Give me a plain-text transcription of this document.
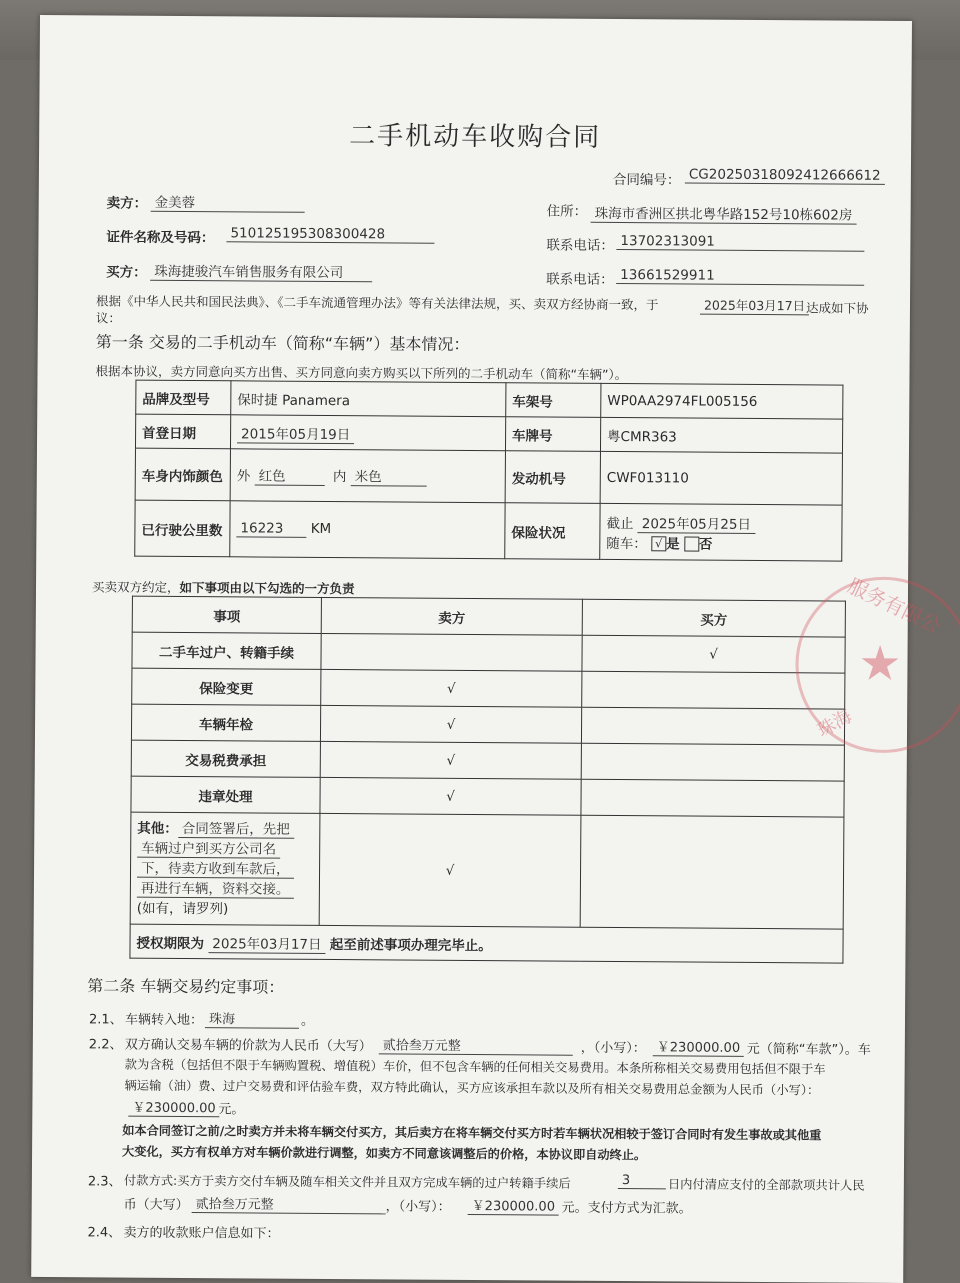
二手机动车收购合同
合同编号： CG20250318092412666612
卖方： 金美蓉
住所： 珠海市香洲区拱北粤华路152号10栋602房
证件名称及号码： 510125195308300428
联系电话： 13702313091
买方： 珠海捷骏汽车销售服务有限公司	联系电话： 13661529911
根据《中华人民共和国民法典》、《二手车流通管理办法》等有关法律法规，买、卖双方经协商一致，于	2025年03月17日 达成如下协
议：
第一条 交易的二手机动车（简称“车辆”）基本情况：
根据本协议，卖方同意向买方出售、买方同意向卖方购买以下所列的二手机动车（简称“车辆”）。
品牌及型号	保时捷 Panamera	车架号	WP0AA2974FL005156
首登日期	2015年05月19日	车牌号	粤CMR363
车身内饰颜色	外 红色 内 米色	发动机号	CWF013110
已行驶公里数	16223 KM	保险状况	截止 2025年05月25日
随车： √ 是 否
买卖双方约定，如下事项由以下勾选的一方负责
事项	卖方	买方
二手车过户、转籍手续		√
保险变更	√	
车辆年检	√	
交易税费承担	√	
违章处理	√	
其他： 合同签署后，先把
车辆过户到买方公司名
下，待卖方收到车款后，
再进行车辆，资料交接。
(如有，请罗列)	√	
授权期限为 2025年03月17日 起至前述事项办理完毕止。		
服务有限公
★
珠海
第二条 车辆交易约定事项：
2.1、 车辆转入地： 珠海	。
2.2、 双方确认交易车辆的价款为人民币（大写） 贰拾叁万元整	，（小写）： ￥230000.00 元（简称“车款”）。车
款为含税（包括但不限于车辆购置税、增值税）车价，但不包含车辆的任何相关交易费用。本条所称相关交易费用包括但不限于车
辆运输（油）费、过户交易费和评估验车费，双方特此确认，买方应该承担车款以及所有相关交易费用总金额为人民币（小写）：
￥230000.00 元。
如本合同签订之前/之时卖方并未将车辆交付买方，其后卖方在将车辆交付买方时若车辆状况相较于签订合同时有发生事故或其他重
大变化，买方有权单方对车辆价款进行调整，如卖方不同意该调整后的价格，本协议即自动终止。
2.3、 付款方式:买方于卖方交付车辆及随车相关文件并且双方完成车辆的过户转籍手续后	3	日内付清应支付的全部款项共计人民
币（大写） 贰拾叁万元整	，（小写）：	￥230000.00 元。支付方式为汇款。
2.4、 卖方的收款账户信息如下：
